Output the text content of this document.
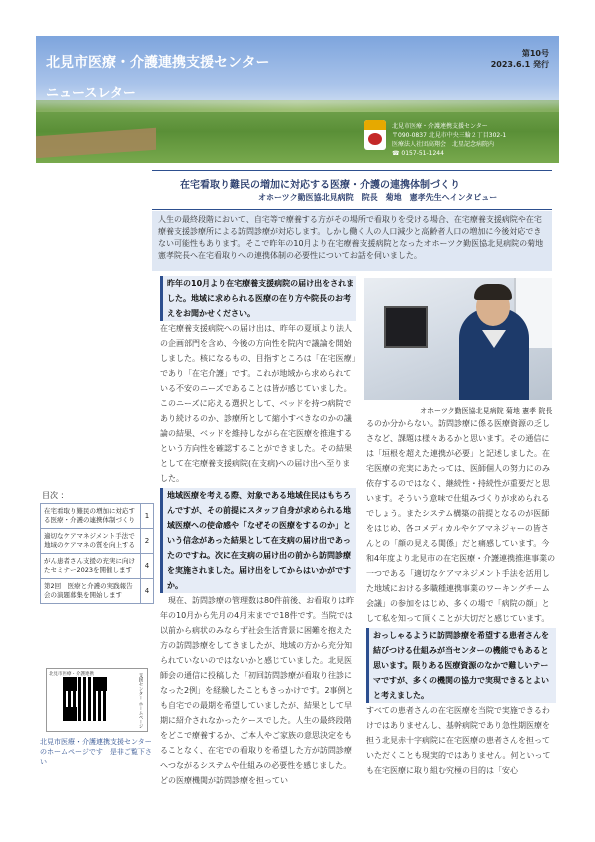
北見市医療・介護連携支援センター
ニュースレター
第10号
2023.6.1 発行
北見市医療・介護連携支援センター
〒090-0837 北見市中央三輪２丁目302-1
医療法人社団高翔会　北星記念病院内
☎ 0157-51-1244
在宅看取り難民の増加に対応する医療・介護の連携体制づくり
オホーツク勤医協北見病院　院長　菊地　憲孝先生へインタビュー
人生の最終段階において、自宅等で療養する方がその場所で看取りを受ける場合、在宅療養支援病院や在宅療養支援診療所による訪問診療が対応します。しかし働く人の人口減少と高齢者人口の増加に今後対応できない可能性もあります。そこで昨年の10月より在宅療養支援病院となったオホーツク勤医協北見病院の菊地憲孝院長へ在宅看取りへの連携体制の必要性についてお話を伺いました。
昨年の10月より在宅療養支援病院の届け出をされました。地域に求められる医療の在り方や院長のお考えをお聞かせください。
在宅療養支援病院への届け出は、昨年の夏頃より法人の企画部門を含め、今後の方向性を院内で議論を開始しました。核になるもの、目指すところは「在宅医療」であり「在宅介護」です。これが地域から求められている不安のニーズであることは皆が感じていました。このニーズに応える選択として、ベッドを持つ病院であり続けるのか、診療所として縮小すべきなのかの議論の結果、ベッドを維持しながら在宅医療を推進するという方向性を確認することができました。その結果として在宅療養支援病院(在支病)への届け出へ至りました。
地域医療を考える際、対象である地域住民はもちろんですが、その前提にスタッフ自身が求められる地域医療への使命感や「なぜその医療をするのか」という信念があった結果として在支病の届け出であったのですね。次に在支病の届け出の前から訪問診療を実施されました。届け出をしてからはいかがですか。
現在、訪問診療の管理数は80件前後、お看取りは昨年の10月から先月の4月末までで18件です。当院では以前から病状のみならず社会生活背景に困難を抱えた方の訪問診療をしてきましたが、地域の方から充分知られていないのではないかと感じていました。北見医師会の通信に投稿した「初回訪問診療が看取り往診になった2例」を経験したこともきっかけです。2事例とも自宅での最期を希望していましたが、結果として早期に紹介されなかったケースでした。人生の最終段階をどこで療養するか、ご本人やご家族の意思決定をもることなく、在宅での看取りを希望した方が訪問診療へつながるシステムや仕組みの必要性を感じました。どの医療機関が訪問診療を担ってい
オホーツク勤医協北見病院 菊地 憲孝 院長
るのか分からない。訪問診療に係る医療資源の乏しさなど、課題は様々あるかと思います。その通信には「垣根を超えた連携が必要」と記述しました。在宅医療の充実にあたっては、医師個人の努力にのみ依存するのではなく、継続性・持続性が重要だと思います。そういう意味で仕組みづくりが求められるでしょう。またシステム構築の前提となるのが医師をはじめ、各コメディカルやケアマネジャーの皆さんとの「顔の見える関係」だと痛感しています。今和4年度より北見市の在宅医療・介護連携推進事業の一つである「適切なケアマネジメント手法を活用した地域における多職種連携事業のワーキングチーム会議」の参加をはじめ、多くの場で「病院の顔」として私を知って頂くことが大切だと感じています。
おっしゃるように訪問診療を希望する患者さんを結びつける仕組みが当センターの機能でもあると思います。限りある医療資源のなかで難しいテーマですが、多くの機関の協力で実現できるとよいと考えました。
すべての患者さんの在宅医療を当院で実施できるわけではありませんし、基幹病院であり急性期医療を担う北見赤十字病院に在宅医療の患者さんを担っていただくことも現実的ではありません。何といっても在宅医療に取り組む究極の目的は「安心
目次 ：
在宅看取り難民の増加に対応する医療・介護の連携体制づくり
1
適切なケアマネジメント手法で地域のケアマネの質を向上する
2
がん患者さん支援の充実に向けたセミナー2023を開催します
4
第2回　医療と介護の実践報告会の演題募集を開始します
4
北見市医療・介護連携	支援センター ホームページ
北見市医療・介護連携支援センターのホームページです　是非ご覧下さい
